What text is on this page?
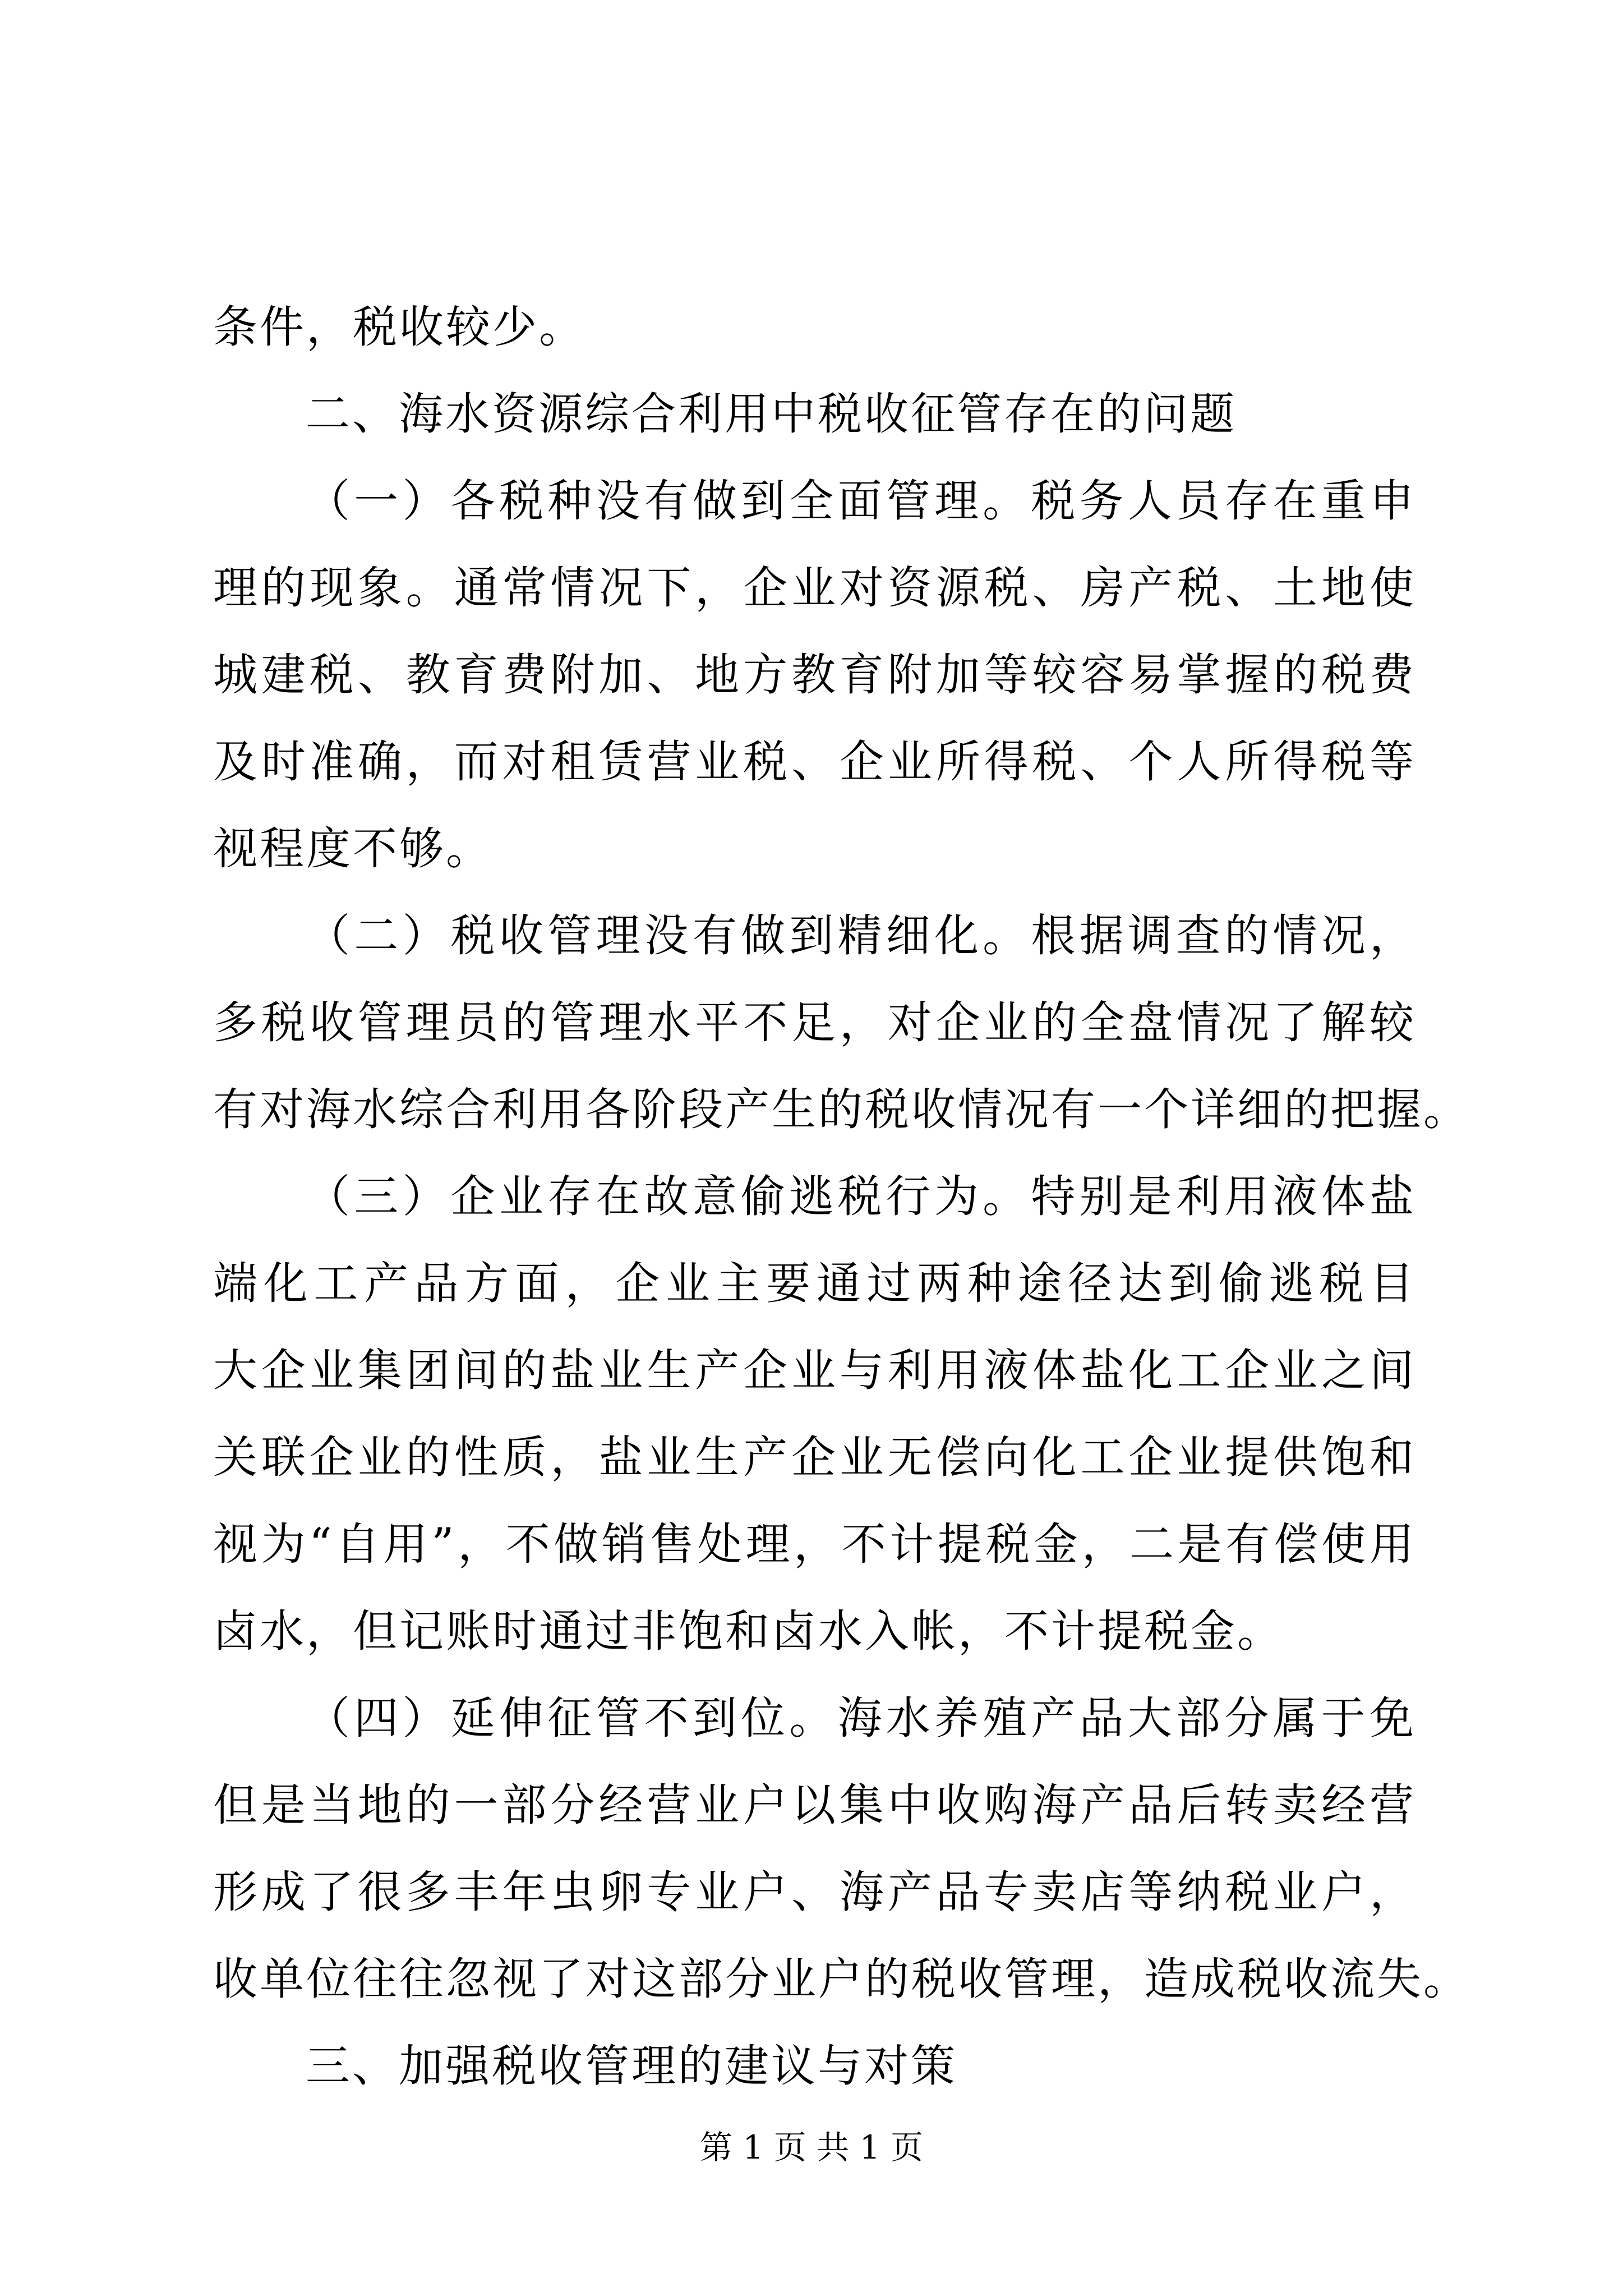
条件，税收较少。
二、海水资源综合利用中税收征管存在的问题
（一）各税种没有做到全面管理。税务人员存在重申
理的现象。通常情况下，企业对资源税、房产税、土地使
城建税、教育费附加、地方教育附加等较容易掌握的税费
及时准确，而对租赁营业税、企业所得税、个人所得税等
视程度不够。
（二）税收管理没有做到精细化。根据调查的情况，
多税收管理员的管理水平不足，对企业的全盘情况了解较
有对海水综合利用各阶段产生的税收情况有一个详细的把握。
（三）企业存在故意偷逃税行为。特别是利用液体盐
端化工产品方面，企业主要通过两种途径达到偷逃税目
大企业集团间的盐业生产企业与利用液体盐化工企业之间
关联企业的性质，盐业生产企业无偿向化工企业提供饱和
视为“自用”，不做销售处理，不计提税金，二是有偿使用
卤水，但记账时通过非饱和卤水入帐，不计提税金。
（四）延伸征管不到位。海水养殖产品大部分属于免
但是当地的一部分经营业户以集中收购海产品后转卖经营
形成了很多丰年虫卵专业户、海产品专卖店等纳税业户，
收单位往往忽视了对这部分业户的税收管理，造成税收流失。
三、加强税收管理的建议与对策
第 1 页 共 1 页
